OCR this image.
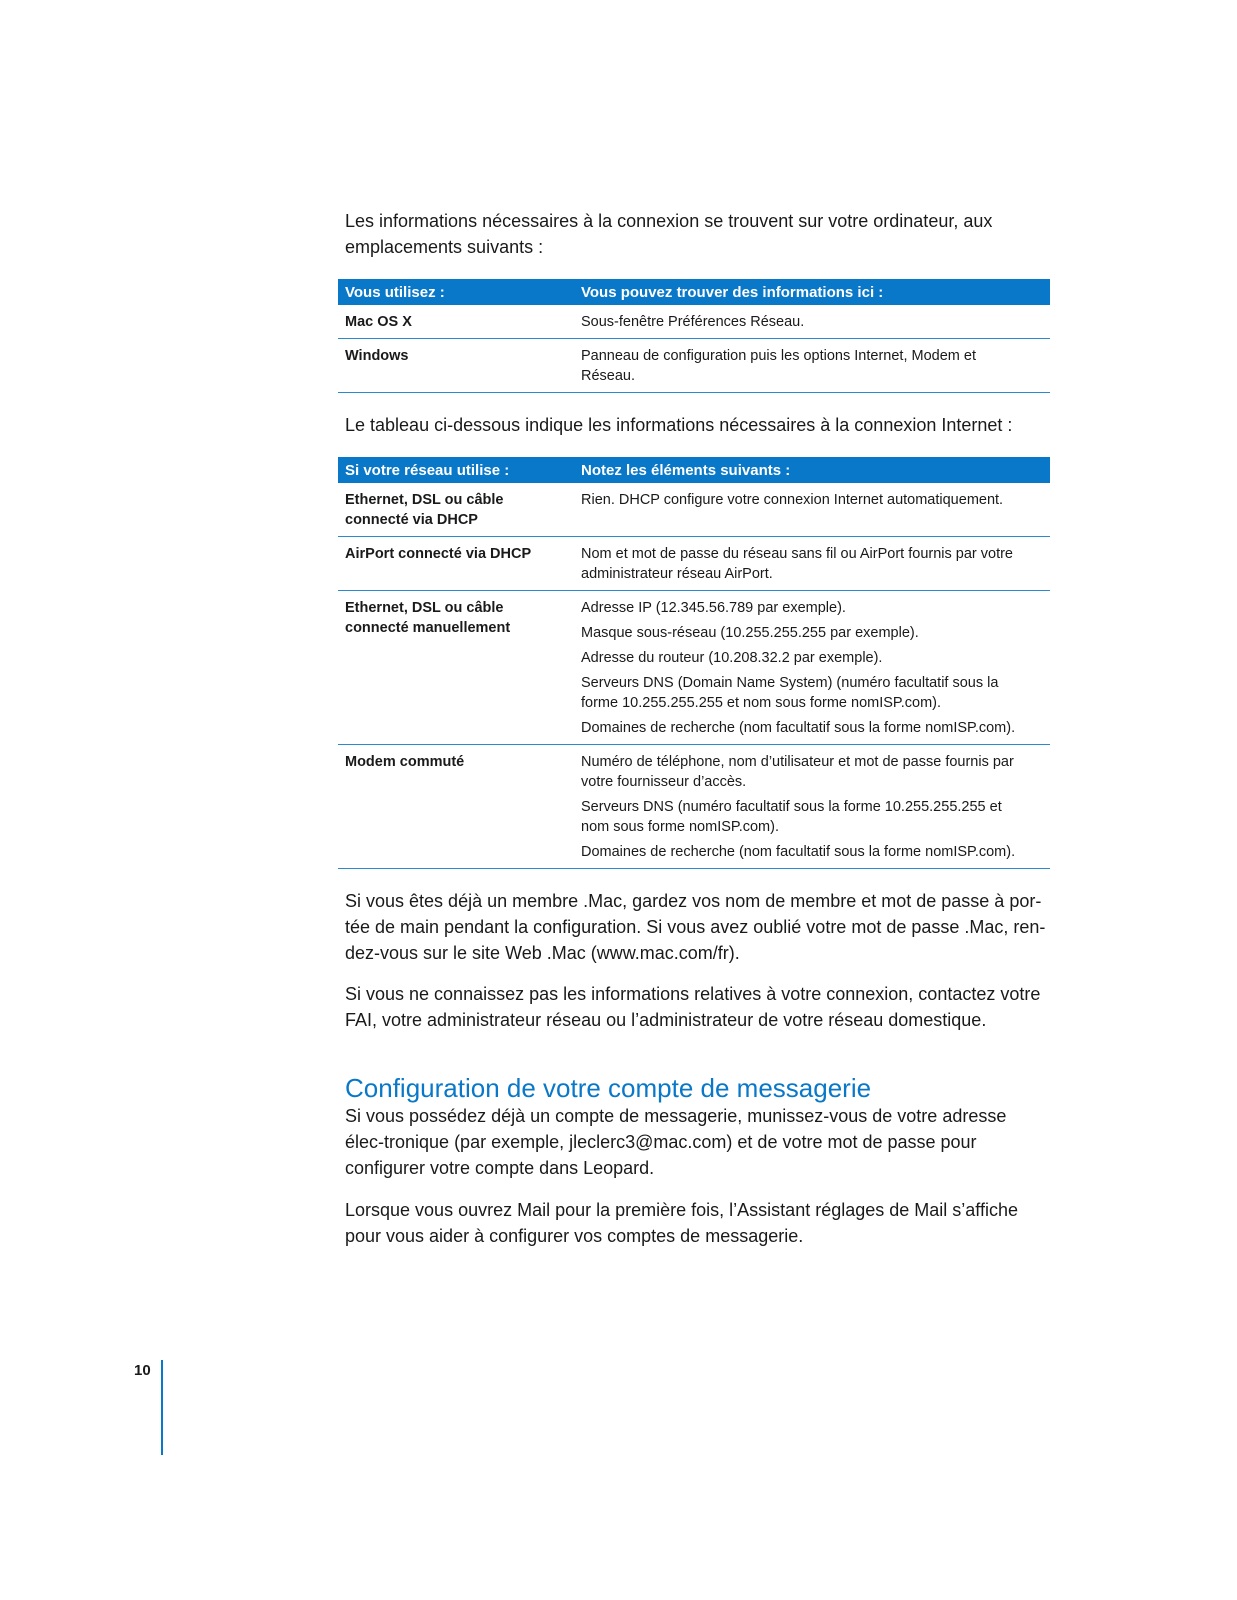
Les informations nécessaires à la connexion se trouvent sur votre ordinateur, aux emplacements suivants :

Vous utilisez :	Vous pouvez trouver des informations ici :
Mac OS X	Sous-fenêtre Préférences Réseau.

Windows	Panneau de configuration puis les options Internet, Modem et Réseau.

Le tableau ci-dessous indique les informations nécessaires à la connexion Internet :

Si votre réseau utilise :	Notez les éléments suivants :

Ethernet, DSL ou câble connecté via DHCP	Rien. DHCP configure votre connexion Internet automatiquement.

AirPort connecté via DHCP	Nom et mot de passe du réseau sans fil ou AirPort fournis par votre administrateur réseau AirPort.

Ethernet, DSL ou câble connecté manuellement	Adresse IP (12.345.56.789 par exemple).
Masque sous-réseau (10.255.255.255 par exemple).
Adresse du routeur (10.208.32.2 par exemple).
Serveurs DNS (Domain Name System) (numéro facultatif sous la forme 10.255.255.255 et nom sous forme nomISP.com).
Domaines de recherche (nom facultatif sous la forme nomISP.com).

Modem commuté	Numéro de téléphone, nom d’utilisateur et mot de passe fournis par votre fournisseur d’accès.
Serveurs DNS (numéro facultatif sous la forme 10.255.255.255 et nom sous forme nomISP.com).
Domaines de recherche (nom facultatif sous la forme nomISP.com).

Si vous êtes déjà un membre .Mac, gardez vos nom de membre et mot de passe à por-tée de main pendant la configuration. Si vous avez oublié votre mot de passe .Mac, ren-dez-vous sur le site Web .Mac (www.mac.com/fr).

Si vous ne connaissez pas les informations relatives à votre connexion, contactez votre FAI, votre administrateur réseau ou l’administrateur de votre réseau domestique.

Configuration de votre compte de messagerie

Si vous possédez déjà un compte de messagerie, munissez-vous de votre adresse élec-tronique (par exemple, jleclerc3@mac.com) et de votre mot de passe pour configurer votre compte dans Leopard.

Lorsque vous ouvrez Mail pour la première fois, l’Assistant réglages de Mail s’affiche pour vous aider à configurer vos comptes de messagerie.

10
